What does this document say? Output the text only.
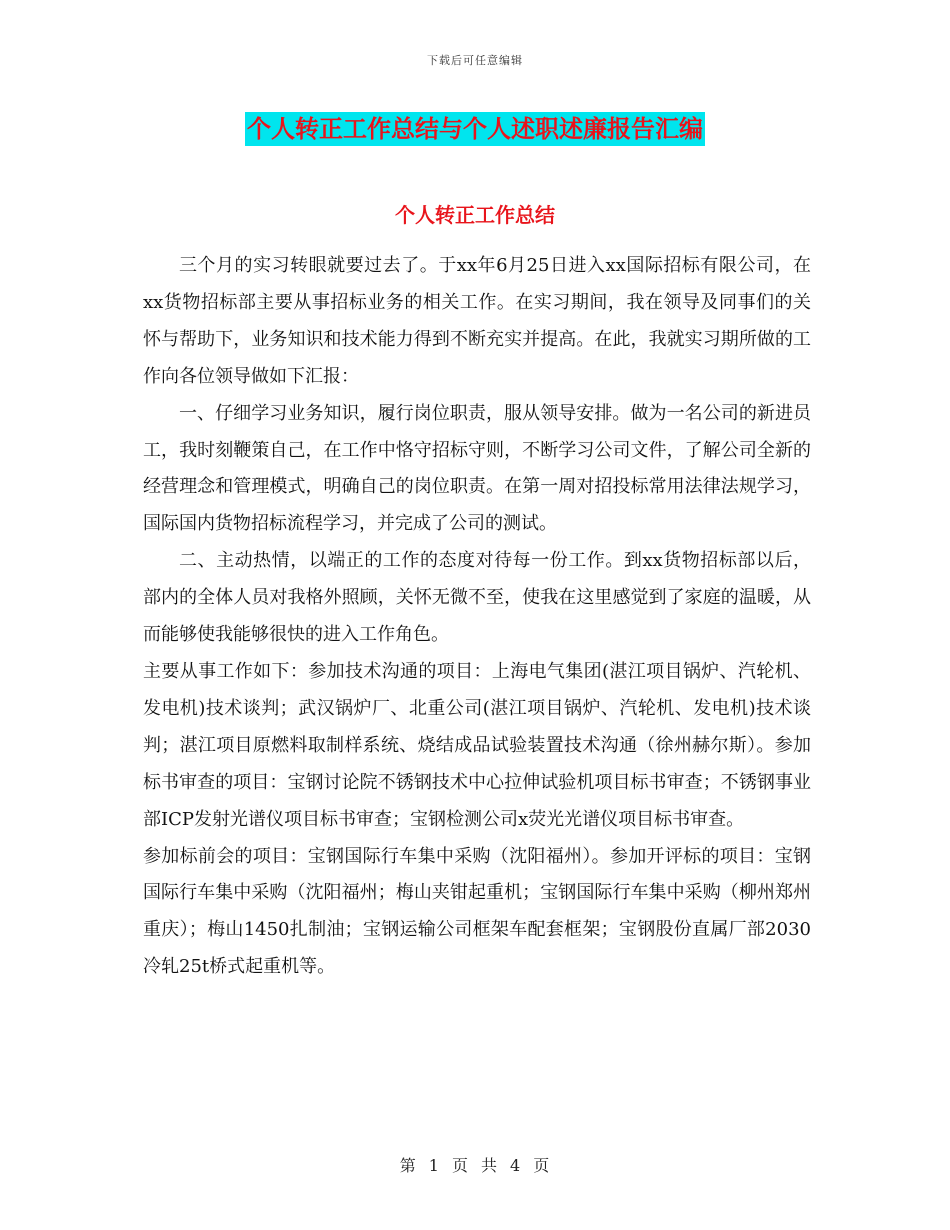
下载后可任意编辑
个人转正工作总结与个人述职述廉报告汇编
个人转正工作总结

三个月的实习转眼就要过去了。于xx年6月25日进入xx国际招标有限公司，在xx货物招标部主要从事招标业务的相关工作。在实习期间，我在领导及同事们的关怀与帮助下，业务知识和技术能力得到不断充实并提高。在此，我就实习期所做的工作向各位领导做如下汇报：

一、仔细学习业务知识，履行岗位职责，服从领导安排。做为一名公司的新进员工，我时刻鞭策自己，在工作中恪守招标守则，不断学习公司文件，了解公司全新的经营理念和管理模式，明确自己的岗位职责。在第一周对招投标常用法律法规学习，国际国内货物招标流程学习，并完成了公司的测试。

二、主动热情，以端正的工作的态度对待每一份工作。到xx货物招标部以后，部内的全体人员对我格外照顾，关怀无微不至，使我在这里感觉到了家庭的温暖，从而能够使我能够很快的进入工作角色。

主要从事工作如下：参加技术沟通的项目：上海电气集团(湛江项目锅炉、汽轮机、发电机)技术谈判；武汉锅炉厂、北重公司(湛江项目锅炉、汽轮机、发电机)技术谈判；湛江项目原燃料取制样系统、烧结成品试验装置技术沟通（徐州赫尔斯）。参加标书审查的项目：宝钢讨论院不锈钢技术中心拉伸试验机项目标书审查；不锈钢事业部ICP发射光谱仪项目标书审查；宝钢检测公司x荧光光谱仪项目标书审查。

参加标前会的项目：宝钢国际行车集中采购（沈阳福州）。参加开评标的项目：宝钢国际行车集中采购（沈阳福州；梅山夹钳起重机；宝钢国际行车集中采购（柳州郑州重庆）；梅山1450扎制油；宝钢运输公司框架车配套框架；宝钢股份直属厂部2030冷轧25t桥式起重机等。

第 1 页 共 4 页
